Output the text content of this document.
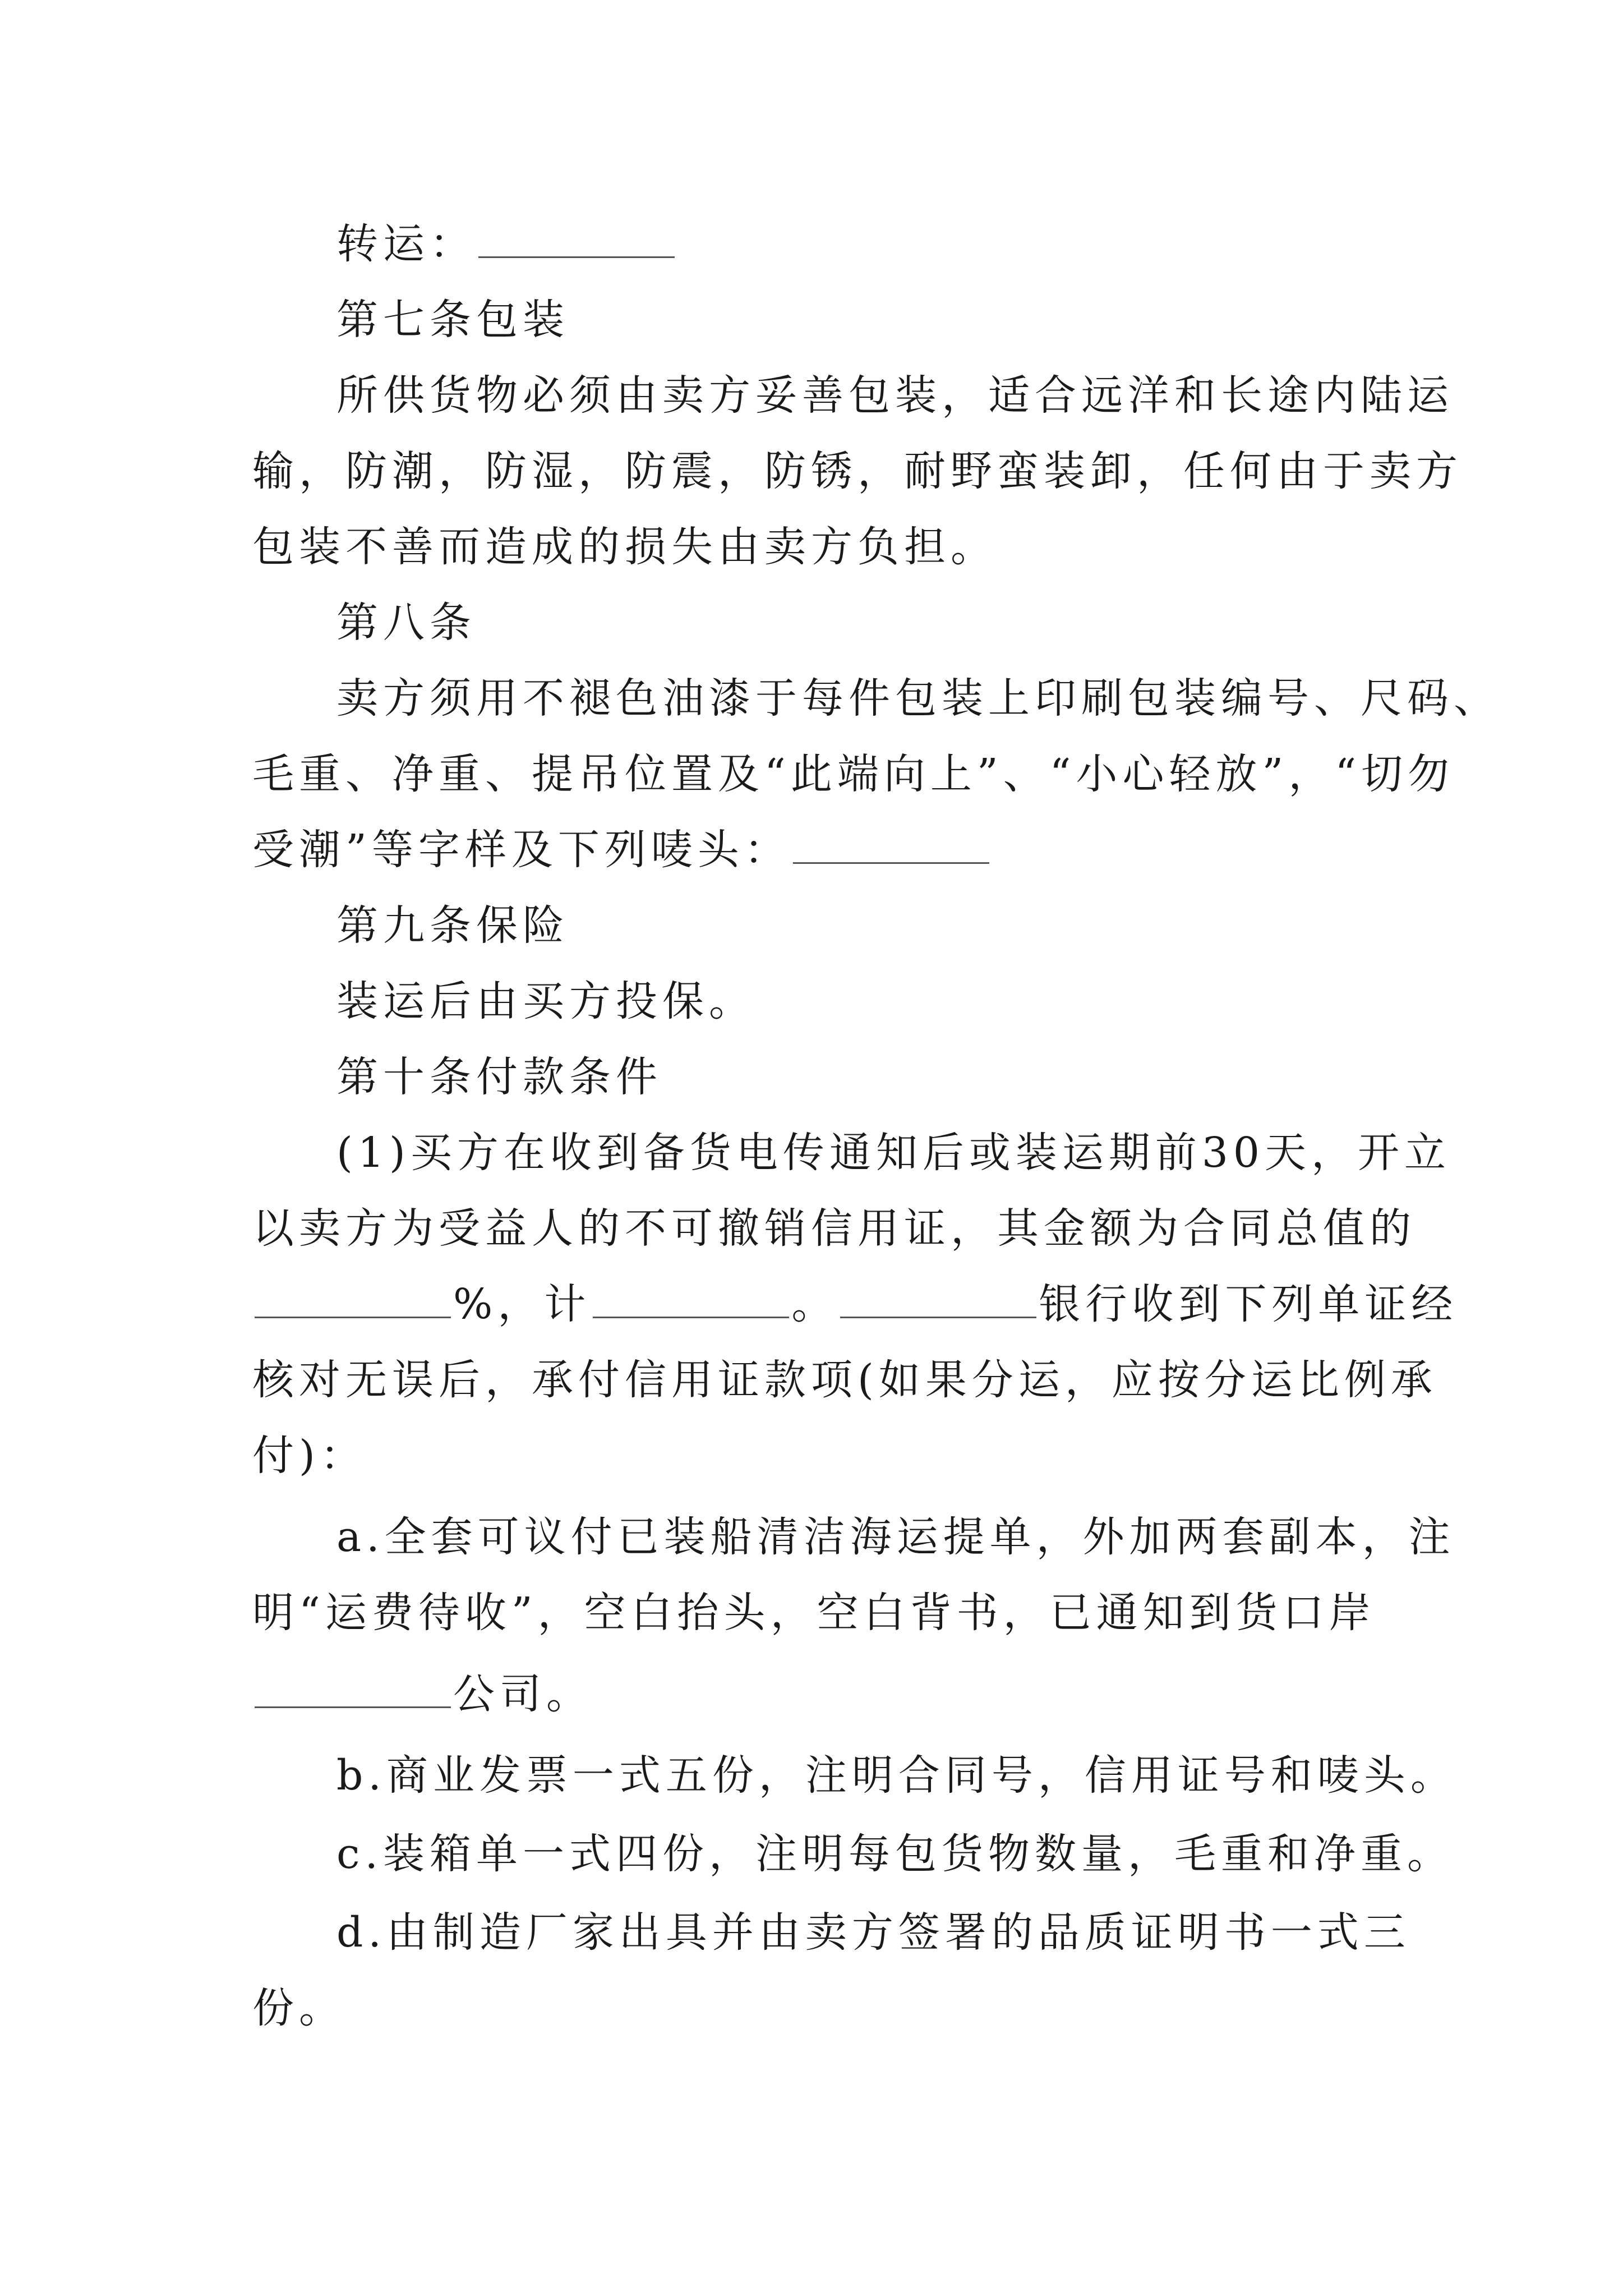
转运：
第七条包装
所供货物必须由卖方妥善包装，适合远洋和长途内陆运
输，防潮，防湿，防震，防锈，耐野蛮装卸，任何由于卖方
包装不善而造成的损失由卖方负担。
第八条
卖方须用不褪色油漆于每件包装上印刷包装编号、尺码、
毛重、净重、提吊位置及“此端向上”、“小心轻放”，“切勿
受潮”等字样及下列唛头：
第九条保险
装运后由买方投保。
第十条付款条件
(1)买方在收到备货电传通知后或装运期前30天，开立
以卖方为受益人的不可撤销信用证，其金额为合同总值的
%，计	。	银行收到下列单证经
核对无误后，承付信用证款项(如果分运，应按分运比例承
付)：
a.全套可议付已装船清洁海运提单，外加两套副本，注
明“运费待收”，空白抬头，空白背书，已通知到货口岸
公司。
b.商业发票一式五份，注明合同号，信用证号和唛头。
c.装箱单一式四份，注明每包货物数量，毛重和净重。
d.由制造厂家出具并由卖方签署的品质证明书一式三
份。
